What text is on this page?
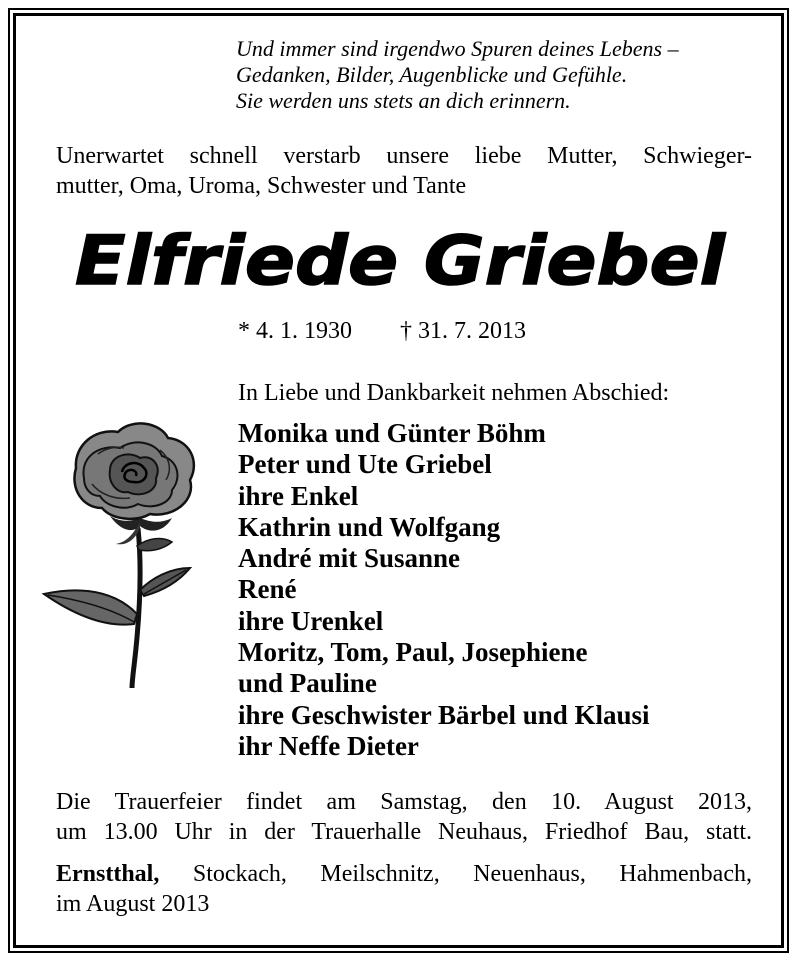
Und immer sind irgendwo Spuren deines Lebens –
Gedanken, Bilder, Augenblicke und Gefühle.
Sie werden uns stets an dich erinnern.
Unerwartet schnell verstarb unsere liebe Mutter, Schwieger-
mutter, Oma, Uroma, Schwester und Tante
Elfriede Griebel
* 4. 1. 1930 † 31. 7. 2013
In Liebe und Dankbarkeit nehmen Abschied:
Monika und Günter Böhm
Peter und Ute Griebel
ihre Enkel
Kathrin und Wolfgang
André mit Susanne
René
ihre Urenkel
Moritz, Tom, Paul, Josephiene
und Pauline
ihre Geschwister Bärbel und Klausi
ihr Neffe Dieter
Die Trauerfeier findet am Samstag, den 10. August 2013,
um 13.00 Uhr in der Trauerhalle Neuhaus, Friedhof Bau, statt.
Ernstthal, Stockach, Meilschnitz, Neuenhaus, Hahmenbach,
im August 2013
